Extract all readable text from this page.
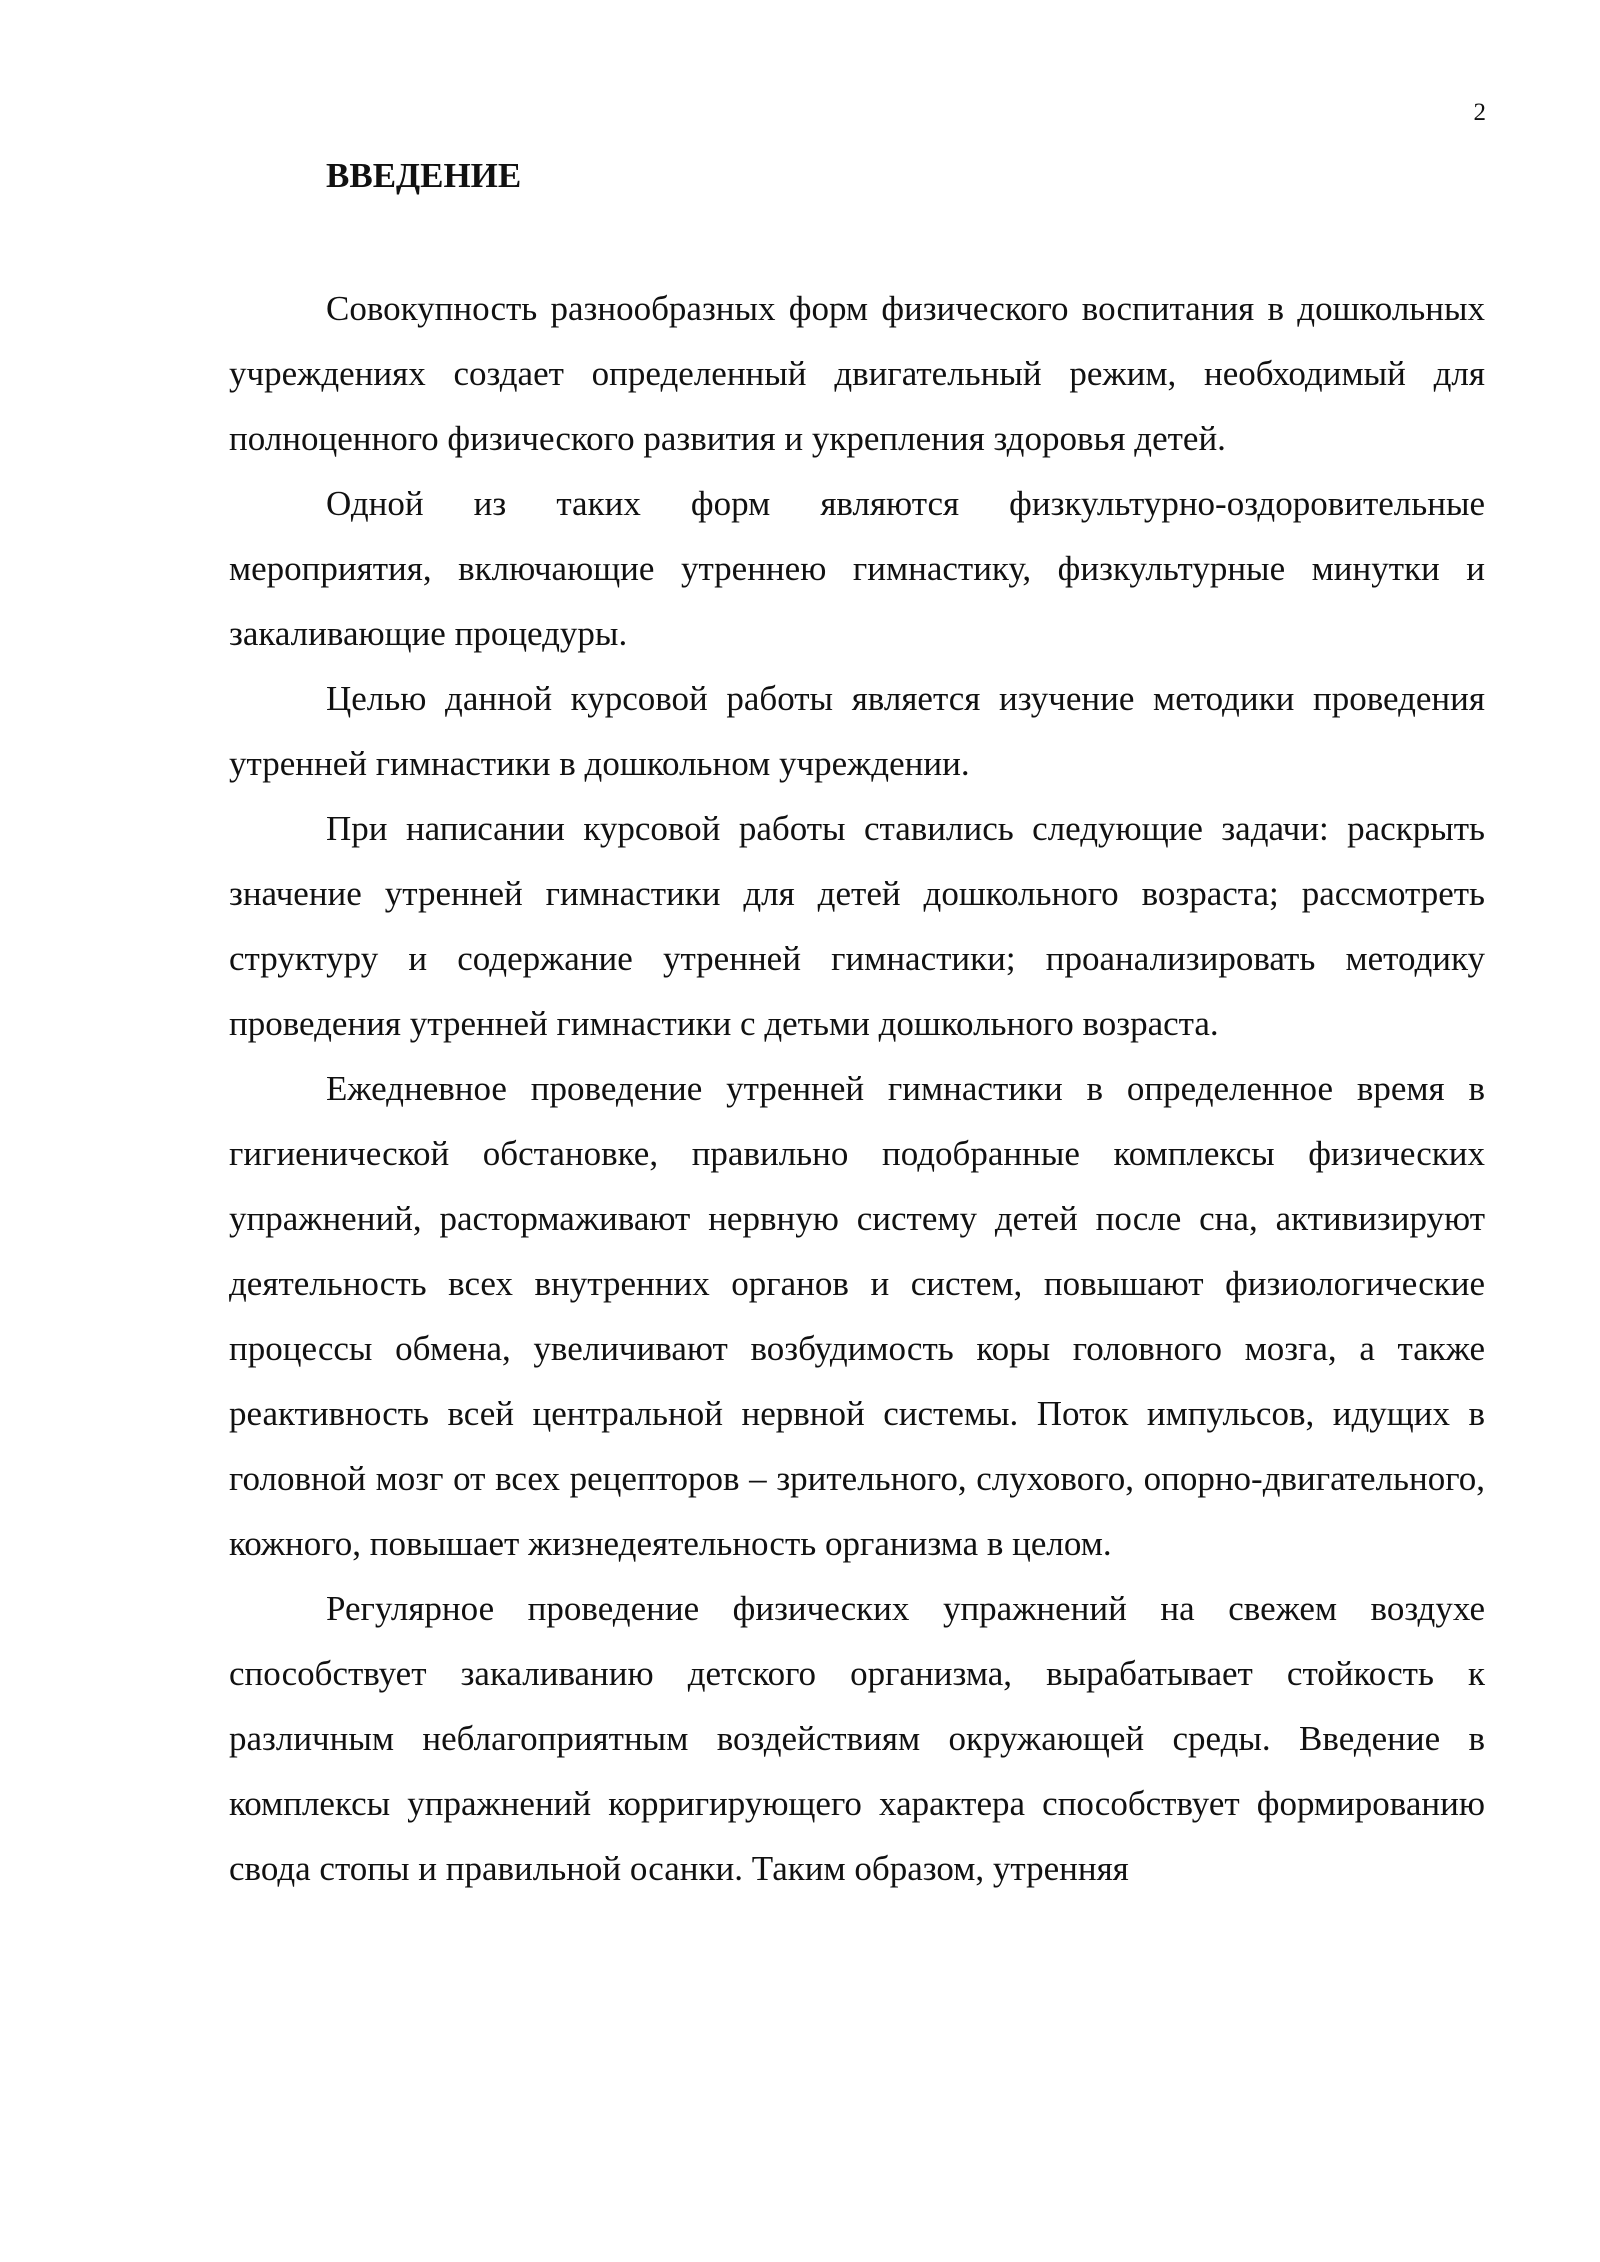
2
ВВЕДЕНИЕ

Совокупность разнообразных форм физического воспитания в дошкольных учреждениях создает определенный двигательный режим, необходимый для полноценного физического развития и укрепления здоровья детей.

Одной из таких форм являются физкультурно-оздоровительные мероприятия, включающие утреннею гимнастику, физкультурные минутки и закаливающие процедуры.

Целью данной курсовой работы является изучение методики проведения утренней гимнастики в дошкольном учреждении.

При написании курсовой работы ставились следующие задачи: раскрыть значение утренней гимнастики для детей дошкольного возраста; рассмотреть структуру и содержание утренней гимнастики; проанализировать методику проведения утренней гимнастики с детьми дошкольного возраста.

Ежедневное проведение утренней гимнастики в определенное время в гигиенической обстановке, правильно подобранные комплексы физических упражнений, растормаживают нервную систему детей после сна, активизируют деятельность всех внутренних органов и систем, повышают физиологические процессы обмена, увеличивают возбудимость коры головного мозга, а также реактивность всей центральной нервной системы. Поток импульсов, идущих в головной мозг от всех рецепторов – зрительного, слухового, опорно-двигательного, кожного, повышает жизнедеятельность организма в целом.

Регулярное проведение физических упражнений на свежем воздухе способствует закаливанию детского организма, вырабатывает стойкость к различным неблагоприятным воздействиям окружающей среды. Введение в комплексы упражнений корригирующего характера способствует формированию свода стопы и правильной осанки. Таким образом, утренняя
